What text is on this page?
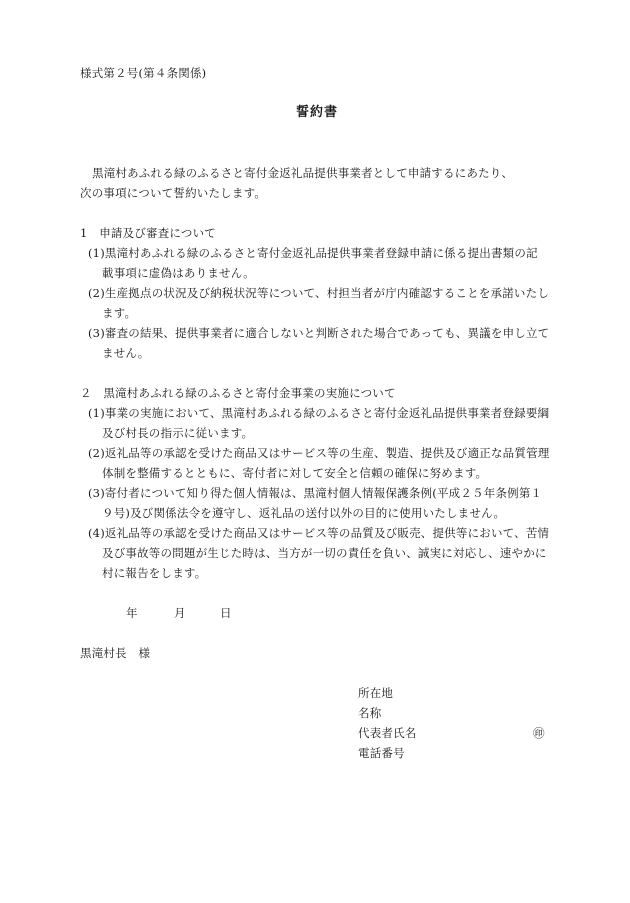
様式第２号(第４条関係)
誓約書
黒滝村あふれる緑のふるさと寄付金返礼品提供事業者として申請するにあたり、
次の事項について誓約いたします。
1　申請及び審査について
(1)黒滝村あふれる緑のふるさと寄付金返礼品提供事業者登録申請に係る提出書類の記
載事項に虚偽はありません。
(2)生産拠点の状況及び納税状況等について、村担当者が庁内確認することを承諾いたし
ます。
(3)審査の結果、提供事業者に適合しないと判断された場合であっても、異議を申し立て
ません。
２　黒滝村あふれる緑のふるさと寄付金事業の実施について
(1)事業の実施において、黒滝村あふれる緑のふるさと寄付金返礼品提供事業者登録要綱
及び村長の指示に従います。
(2)返礼品等の承認を受けた商品又はサービス等の生産、製造、提供及び適正な品質管理
体制を整備するとともに、寄付者に対して安全と信頼の確保に努めます。
(3)寄付者について知り得た個人情報は、黒滝村個人情報保護条例(平成２５年条例第１
９号)及び関係法令を遵守し、返礼品の送付以外の目的に使用いたしません。
(4)返礼品等の承認を受けた商品又はサービス等の品質及び販売、提供等において、苦情
及び事故等の問題が生じた時は、当方が一切の責任を負い、誠実に対応し、速やかに
村に報告をします。
年	月	日
黒滝村長　様
所在地
名称
代表者氏名	㊞
電話番号
